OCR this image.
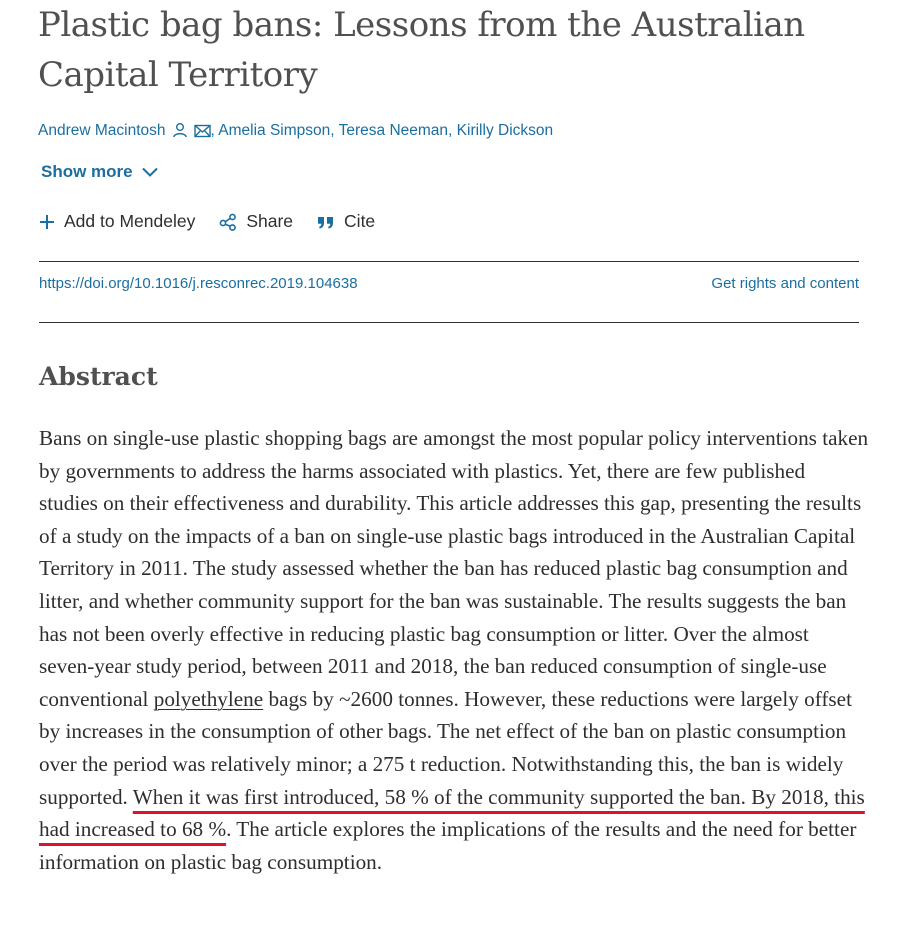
Plastic bag bans: Lessons from the Australian Capital Territory
Andrew Macintosh	, Amelia Simpson, Teresa Neeman, Kirilly Dickson
Show more
Add to Mendeley	Share	Cite
https://doi.org/10.1016/j.resconrec.2019.104638	Get rights and content
Abstract

Bans on single-use plastic shopping bags are amongst the most popular policy interventions taken by governments to address the harms associated with plastics. Yet, there are few published studies on their effectiveness and durability. This article addresses this gap, presenting the results of a study on the impacts of a ban on single-use plastic bags introduced in the Australian Capital Territory in 2011. The study assessed whether the ban has reduced plastic bag consumption and litter, and whether community support for the ban was sustainable. The results suggests the ban has not been overly effective in reducing plastic bag consumption or litter. Over the almost seven-year study period, between 2011 and 2018, the ban reduced consumption of single-use conventional polyethylene bags by ~2600 tonnes. However, these reductions were largely offset by increases in the consumption of other bags. The net effect of the ban on plastic consumption over the period was relatively minor; a 275 t reduction. Notwithstanding this, the ban is widely supported. When it was first introduced, 58 % of the community supported the ban. By 2018, this had increased to 68 %. The article explores the implications of the results and the need for better information on plastic bag consumption.
